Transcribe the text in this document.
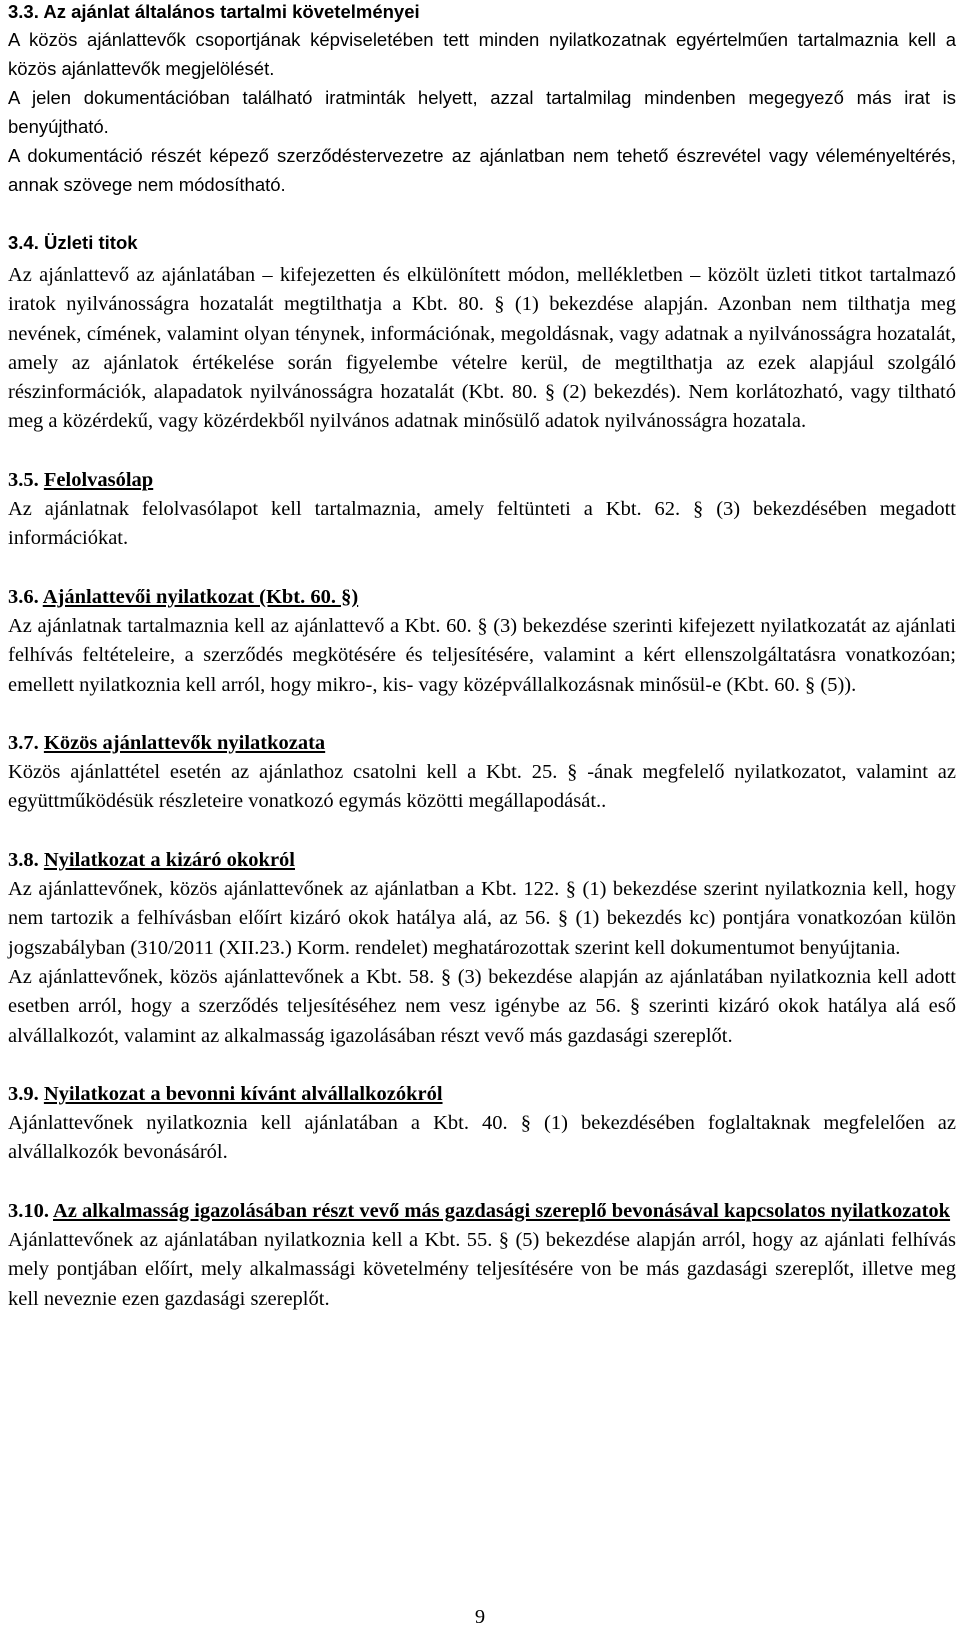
3.3. Az ajánlat általános tartalmi követelményei

A közös ajánlattevők csoportjának képviseletében tett minden nyilatkozatnak egyértelműen tartalmaznia kell a közös ajánlattevők megjelölését.

A jelen dokumentációban található iratminták helyett, azzal tartalmilag mindenben megegyező más irat is benyújtható.

A dokumentáció részét képező szerződéstervezetre az ajánlatban nem tehető észrevétel vagy véleményeltérés, annak szövege nem módosítható.

3.4. Üzleti titok

Az ajánlattevő az ajánlatában – kifejezetten és elkülönített módon, mellékletben – közölt üzleti titkot tartalmazó iratok nyilvánosságra hozatalát megtilthatja a Kbt. 80. § (1) bekezdése alapján. Azonban nem tilthatja meg nevének, címének, valamint olyan ténynek, információnak, megoldásnak, vagy adatnak a nyilvánosságra hozatalát, amely az ajánlatok értékelése során figyelembe vételre kerül, de megtilthatja az ezek alapjául szolgáló részinformációk, alapadatok nyilvánosságra hozatalát (Kbt. 80. § (2) bekezdés). Nem korlátozható, vagy tiltható meg a közérdekű, vagy közérdekből nyilvános adatnak minősülő adatok nyilvánosságra hozatala.

3.5. Felolvasólap

Az ajánlatnak felolvasólapot kell tartalmaznia, amely feltünteti a Kbt. 62. § (3) bekezdésében megadott információkat.

3.6. Ajánlattevői nyilatkozat (Kbt. 60. §)

Az ajánlatnak tartalmaznia kell az ajánlattevő a Kbt. 60. § (3) bekezdése szerinti kifejezett nyilatkozatát az ajánlati felhívás feltételeire, a szerződés megkötésére és teljesítésére, valamint a kért ellenszolgáltatásra vonatkozóan; emellett nyilatkoznia kell arról, hogy mikro-, kis- vagy középvállalkozásnak minősül-e (Kbt. 60. § (5)).

3.7. Közös ajánlattevők nyilatkozata

Közös ajánlattétel esetén az ajánlathoz csatolni kell a Kbt. 25. § -ának megfelelő nyilatkozatot, valamint az együttműködésük részleteire vonatkozó egymás közötti megállapodását..

3.8. Nyilatkozat a kizáró okokról

Az ajánlattevőnek, közös ajánlattevőnek az ajánlatban a Kbt. 122. § (1) bekezdése szerint nyilatkoznia kell, hogy nem tartozik a felhívásban előírt kizáró okok hatálya alá, az 56. § (1) bekezdés kc) pontjára vonatkozóan külön jogszabályban (310/2011 (XII.23.) Korm. rendelet) meghatározottak szerint kell dokumentumot benyújtania.

Az ajánlattevőnek, közös ajánlattevőnek a Kbt. 58. § (3) bekezdése alapján az ajánlatában nyilatkoznia kell adott esetben arról, hogy a szerződés teljesítéséhez nem vesz igénybe az 56. § szerinti kizáró okok hatálya alá eső alvállalkozót, valamint az alkalmasság igazolásában részt vevő más gazdasági szereplőt.

3.9. Nyilatkozat a bevonni kívánt alvállalkozókról

Ajánlattevőnek nyilatkoznia kell ajánlatában a Kbt. 40. § (1) bekezdésében foglaltaknak megfelelően az alvállalkozók bevonásáról.

3.10. Az alkalmasság igazolásában részt vevő más gazdasági szereplő bevonásával kapcsolatos nyilatkozatok

Ajánlattevőnek az ajánlatában nyilatkoznia kell a Kbt. 55. § (5) bekezdése alapján arról, hogy az ajánlati felhívás mely pontjában előírt, mely alkalmassági követelmény teljesítésére von be más gazdasági szereplőt, illetve meg kell neveznie ezen gazdasági szereplőt.

9
